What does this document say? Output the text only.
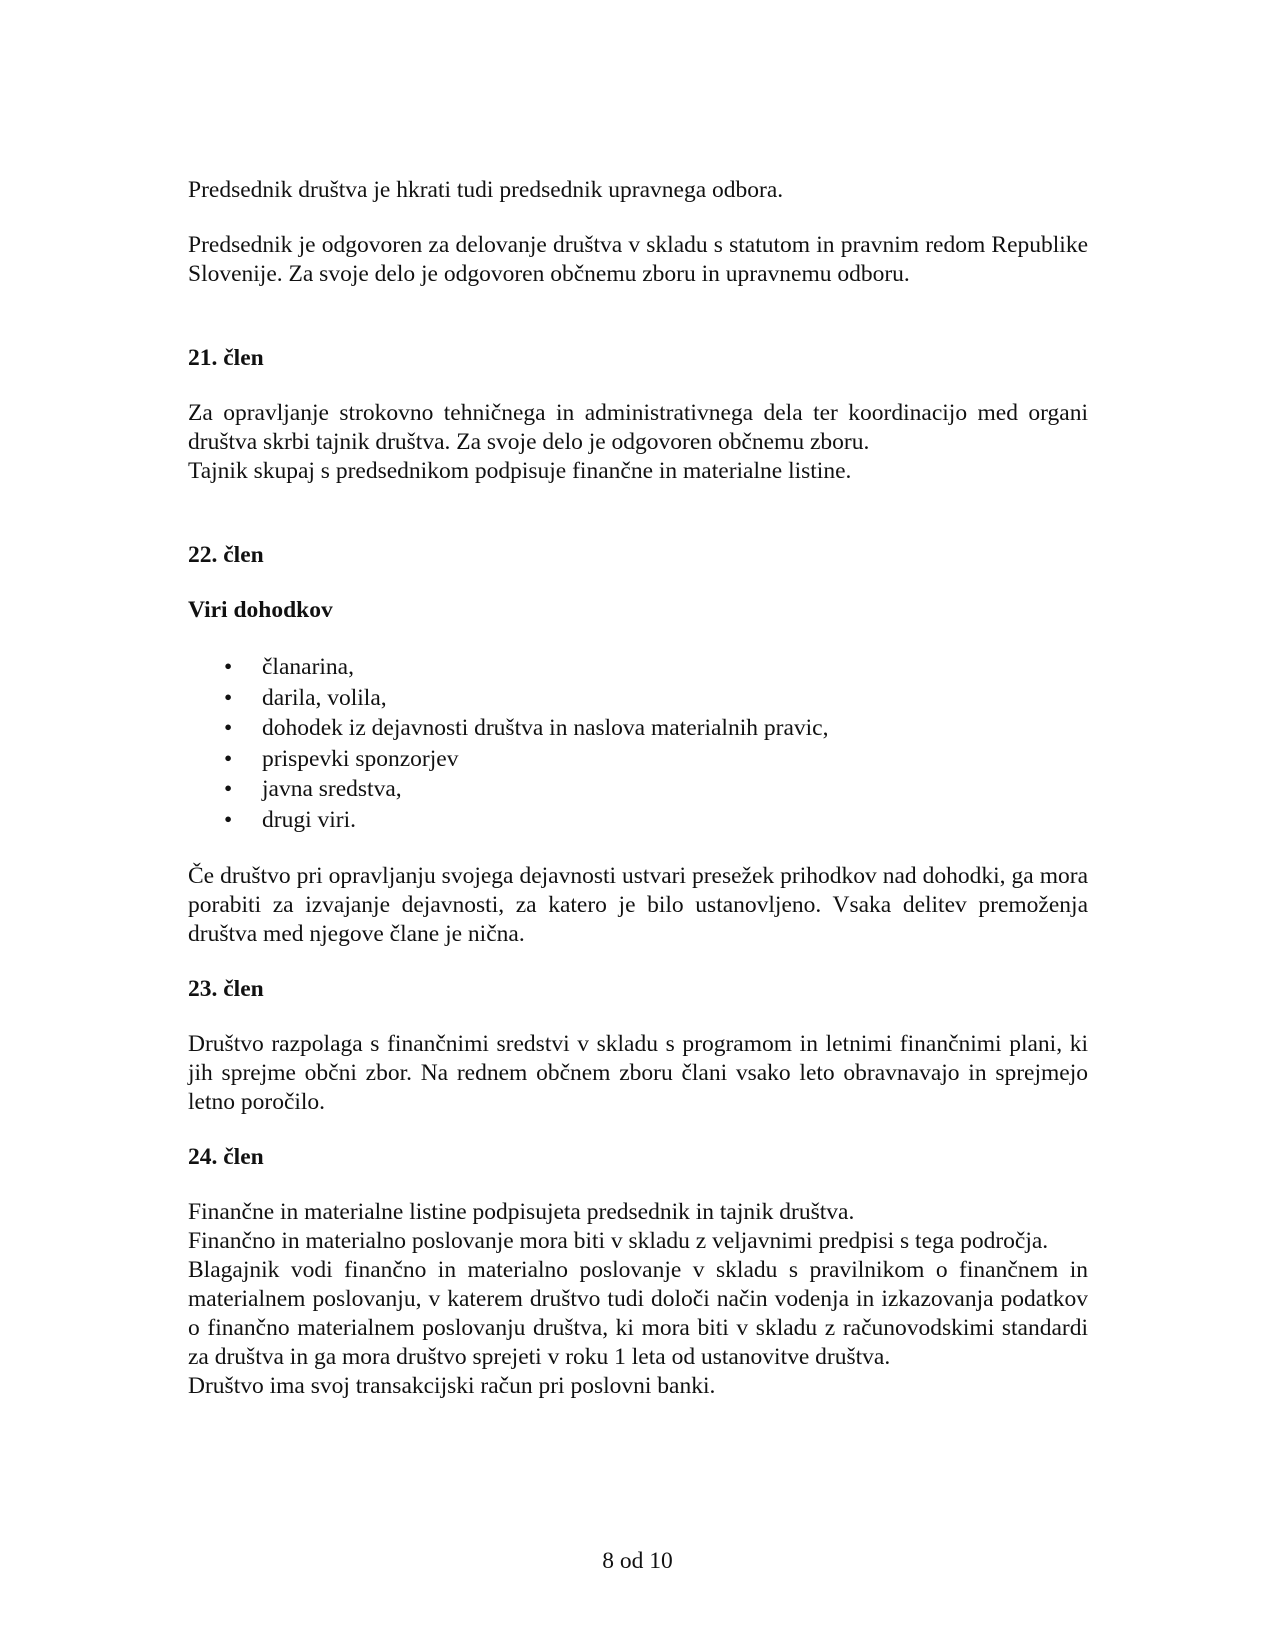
Predsednik društva je hkrati tudi predsednik upravnega odbora.

Predsednik je odgovoren za delovanje društva v skladu s statutom in pravnim redom Republike Slovenije. Za svoje delo je odgovoren občnemu zboru in upravnemu odboru.

21. člen

Za opravljanje strokovno tehničnega in administrativnega dela ter koordinacijo med organi društva skrbi tajnik društva. Za svoje delo je odgovoren občnemu zboru.

Tajnik skupaj s predsednikom podpisuje finančne in materialne listine.

22. člen

Viri dohodkov

•	članarina,
•	darila, volila,
•	dohodek iz dejavnosti društva in naslova materialnih pravic,
•	prispevki sponzorjev
•	javna sredstva,
•	drugi viri.

Če društvo pri opravljanju svojega dejavnosti ustvari presežek prihodkov nad dohodki, ga mora porabiti za izvajanje dejavnosti, za katero je bilo ustanovljeno. Vsaka delitev premoženja društva med njegove člane je nična.

23. člen

Društvo razpolaga s finančnimi sredstvi v skladu s programom in letnimi finančnimi plani, ki jih sprejme občni zbor. Na rednem občnem zboru člani vsako leto obravnavajo in sprejmejo letno poročilo.

24. člen

Finančne in materialne listine podpisujeta predsednik in tajnik društva.

Finančno in materialno poslovanje mora biti v skladu z veljavnimi predpisi s tega področja.

Blagajnik vodi finančno in materialno poslovanje v skladu s pravilnikom o finančnem in materialnem poslovanju, v katerem društvo tudi določi način vodenja in izkazovanja podatkov o finančno materialnem poslovanju društva, ki mora biti v skladu z računovodskimi standardi za društva in ga mora društvo sprejeti v roku 1 leta od ustanovitve društva.

Društvo ima svoj transakcijski račun pri poslovni banki.

8 od 10
